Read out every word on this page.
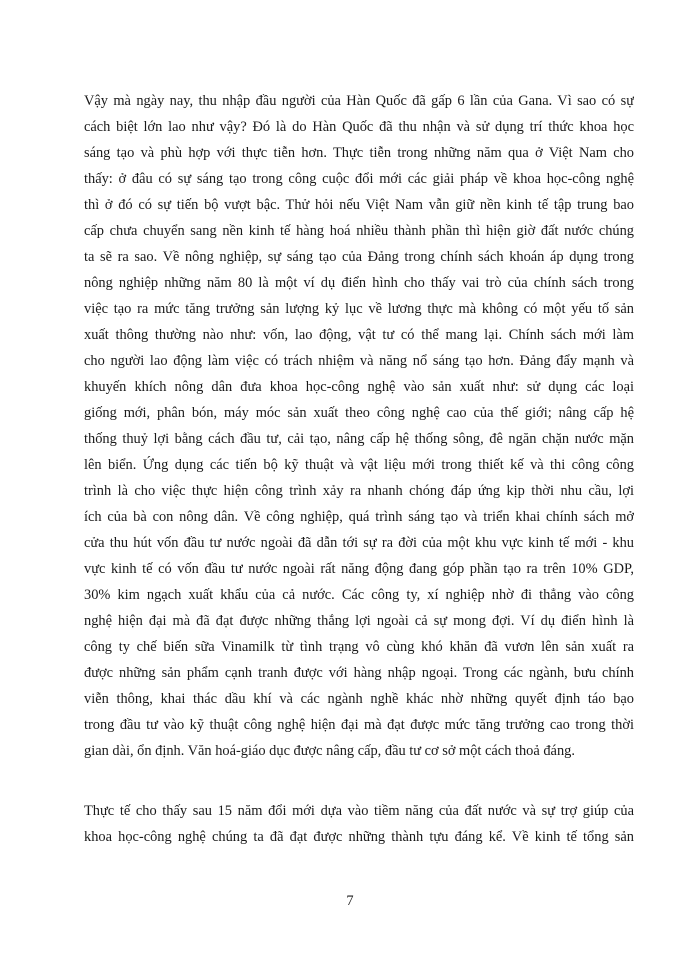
Vậy mà ngày nay, thu nhập đầu người của Hàn Quốc đã gấp 6 lần của Gana. Vì sao có sự
cách biệt lớn lao như vậy? Đó là do Hàn Quốc đã thu nhận và sử dụng trí thức khoa học
sáng tạo và phù hợp với thực tiễn hơn. Thực tiễn trong những năm qua ở Việt Nam cho
thấy: ở đâu có sự sáng tạo trong công cuộc đổi mới các giải pháp về khoa học-công nghệ
thì ở đó có sự tiến bộ vượt bậc. Thử hỏi nếu Việt Nam vẫn giữ nền kinh tế tập trung bao
cấp chưa chuyển sang nền kinh tế hàng hoá nhiều thành phần thì hiện giờ đất nước chúng
ta sẽ ra sao. Về nông nghiệp, sự sáng tạo của Đảng trong chính sách khoán áp dụng trong
nông nghiệp những năm 80 là một ví dụ điển hình cho thấy vai trò của chính sách trong
việc tạo ra mức tăng trưởng sản lượng kỷ lục về lương thực mà không có một yếu tố sản
xuất thông thường nào như: vốn, lao động, vật tư có thể mang lại. Chính sách mới làm
cho người lao động làm việc có trách nhiệm và năng nổ sáng tạo hơn. Đảng đẩy mạnh và
khuyến khích nông dân đưa khoa học-công nghệ vào sản xuất như: sử dụng các loại
giống mới, phân bón, máy móc sản xuất theo công nghệ cao của thế giới; nâng cấp hệ
thống thuỷ lợi bằng cách đầu tư, cải tạo, nâng cấp hệ thống sông, đê ngăn chặn nước mặn
lên biển. Ứng dụng các tiến bộ kỹ thuật và vật liệu mới trong thiết kế và thi công công
trình là cho việc thực hiện công trình xảy ra nhanh chóng đáp ứng kịp thời nhu cầu, lợi
ích của bà con nông dân. Về công nghiệp, quá trình sáng tạo và triển khai chính sách mở
cửa thu hút vốn đầu tư nước ngoài đã dẫn tới sự ra đời của một khu vực kinh tế mới - khu
vực kinh tế có vốn đầu tư nước ngoài rất năng động đang góp phần tạo ra trên 10% GDP,
30% kim ngạch xuất khẩu của cả nước. Các công ty, xí nghiệp nhờ đi thẳng vào công
nghệ hiện đại mà đã đạt được những thắng lợi ngoài cả sự mong đợi. Ví dụ điển hình là
công ty chế biến sữa Vinamilk từ tình trạng vô cùng khó khăn đã vươn lên sản xuất ra
được những sản phẩm cạnh tranh được với hàng nhập ngoại. Trong các ngành, bưu chính
viễn thông, khai thác dầu khí và các ngành nghề khác nhờ những quyết định táo bạo
trong đầu tư vào kỹ thuật công nghệ hiện đại mà đạt được mức tăng trưởng cao trong thời
gian dài, ổn định. Văn hoá-giáo dục được nâng cấp, đầu tư cơ sở một cách thoả đáng.
Thực tế cho thấy sau 15 năm đổi mới dựa vào tiềm năng của đất nước và sự trợ giúp của
khoa học-công nghệ chúng ta đã đạt được những thành tựu đáng kể. Về kinh tế tổng sản
7
